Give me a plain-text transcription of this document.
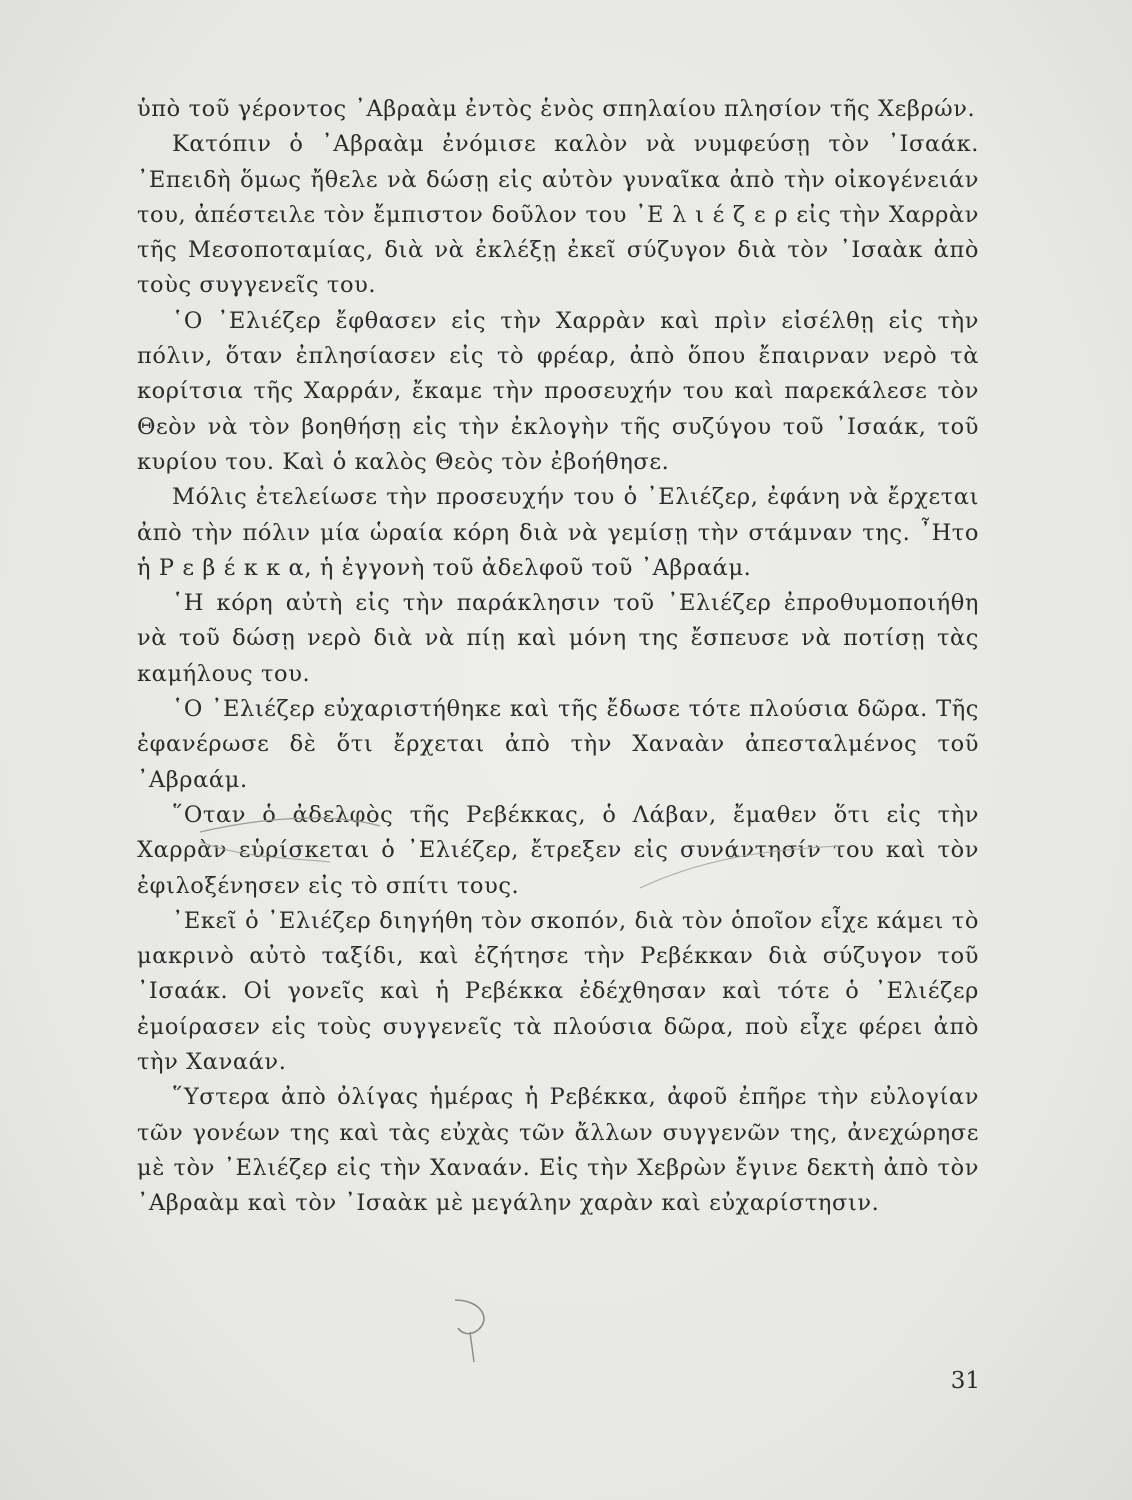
ὑπὸ τοῦ γέροντος ᾿Αβραὰμ ἐντὸς ἑνὸς σπηλαίου πλησίον τῆς Χεβρών.

Κατόπιν ὁ ᾿Αβραὰμ ἐνόμισε καλὸν νὰ νυμφεύσῃ τὸν ᾿Ισαάκ. ᾿Επειδὴ ὅμως ἤθελε νὰ δώσῃ εἰς αὐτὸν γυναῖκα ἀπὸ τὴν οἰκογένειάν του, ἀπέστειλε τὸν ἔμπιστον δοῦλον του ᾿Ε λ ι έ ζ ε ρ εἰς τὴν Χαρρὰν τῆς Μεσοποταμίας, διὰ νὰ ἐκλέξῃ ἐκεῖ σύζυγον διὰ τὸν ᾿Ισαὰκ ἀπὸ τοὺς συγγενεῖς του.

῾Ο ᾿Ελιέζερ ἔφθασεν εἰς τὴν Χαρρὰν καὶ πρὶν εἰσέλθῃ εἰς τὴν πόλιν, ὅταν ἐπλησίασεν εἰς τὸ φρέαρ, ἀπὸ ὅπου ἔπαιρναν νερὸ τὰ κορίτσια τῆς Χαρράν, ἔκαμε τὴν προσευχήν του καὶ παρεκάλεσε τὸν Θεὸν νὰ τὸν βοηθήσῃ εἰς τὴν ἐκλογὴν τῆς συζύγου τοῦ ᾿Ισαάκ, τοῦ κυρίου του. Καὶ ὁ καλὸς Θεὸς τὸν ἐβοήθησε.

Μόλις ἐτελείωσε τὴν προσευχήν του ὁ ᾿Ελιέζερ, ἐφάνη νὰ ἔρχεται ἀπὸ τὴν πόλιν μία ὡραία κόρη διὰ νὰ γεμίσῃ τὴν στάμναν της. ῏Ητο ἡ Ρ ε β έ κ κ α, ἡ ἐγγονὴ τοῦ ἀδελφοῦ τοῦ ᾿Αβραάμ.

῾Η κόρη αὐτὴ εἰς τὴν παράκλησιν τοῦ ᾿Ελιέζερ ἐπροθυμοποιήθη νὰ τοῦ δώσῃ νερὸ διὰ νὰ πίῃ καὶ μόνη της ἔσπευσε νὰ ποτίσῃ τὰς καμήλους του.

῾Ο ᾿Ελιέζερ εὐχαριστήθηκε καὶ τῆς ἔδωσε τότε πλούσια δῶρα. Τῆς ἐφανέρωσε δὲ ὅτι ἔρχεται ἀπὸ τὴν Χαναὰν ἀπεσταλμένος τοῦ ᾿Αβραάμ.

῞Οταν ὁ ἀδελφὸς τῆς Ρεβέκκας, ὁ Λάβαν, ἔμαθεν ὅτι εἰς τὴν Χαρρὰν εὑρίσκεται ὁ ᾿Ελιέζερ, ἔτρεξεν εἰς συνάντησίν του καὶ τὸν ἐφιλοξένησεν εἰς τὸ σπίτι τους.

᾿Εκεῖ ὁ ᾿Ελιέζερ διηγήθη τὸν σκοπόν, διὰ τὸν ὁποῖον εἶχε κάμει τὸ μακρινὸ αὐτὸ ταξίδι, καὶ ἐζήτησε τὴν Ρεβέκκαν διὰ σύζυγον τοῦ ᾿Ισαάκ. Οἱ γονεῖς καὶ ἡ Ρεβέκκα ἐδέχθησαν καὶ τότε ὁ ᾿Ελιέζερ ἐμοίρασεν εἰς τοὺς συγγενεῖς τὰ πλούσια δῶρα, ποὺ εἶχε φέρει ἀπὸ τὴν Χαναάν.

῞Υστερα ἀπὸ ὀλίγας ἡμέρας ἡ Ρεβέκκα, ἀφοῦ ἐπῆρε τὴν εὐλογίαν τῶν γονέων της καὶ τὰς εὐχὰς τῶν ἄλλων συγγενῶν της, ἀνεχώρησε μὲ τὸν ᾿Ελιέζερ εἰς τὴν Χαναάν. Εἰς τὴν Χεβρὼν ἔγινε δεκτὴ ἀπὸ τὸν ᾿Αβραὰμ καὶ τὸν ᾿Ισαὰκ μὲ μεγάλην χαρὰν καὶ εὐχαρίστησιν.

31
